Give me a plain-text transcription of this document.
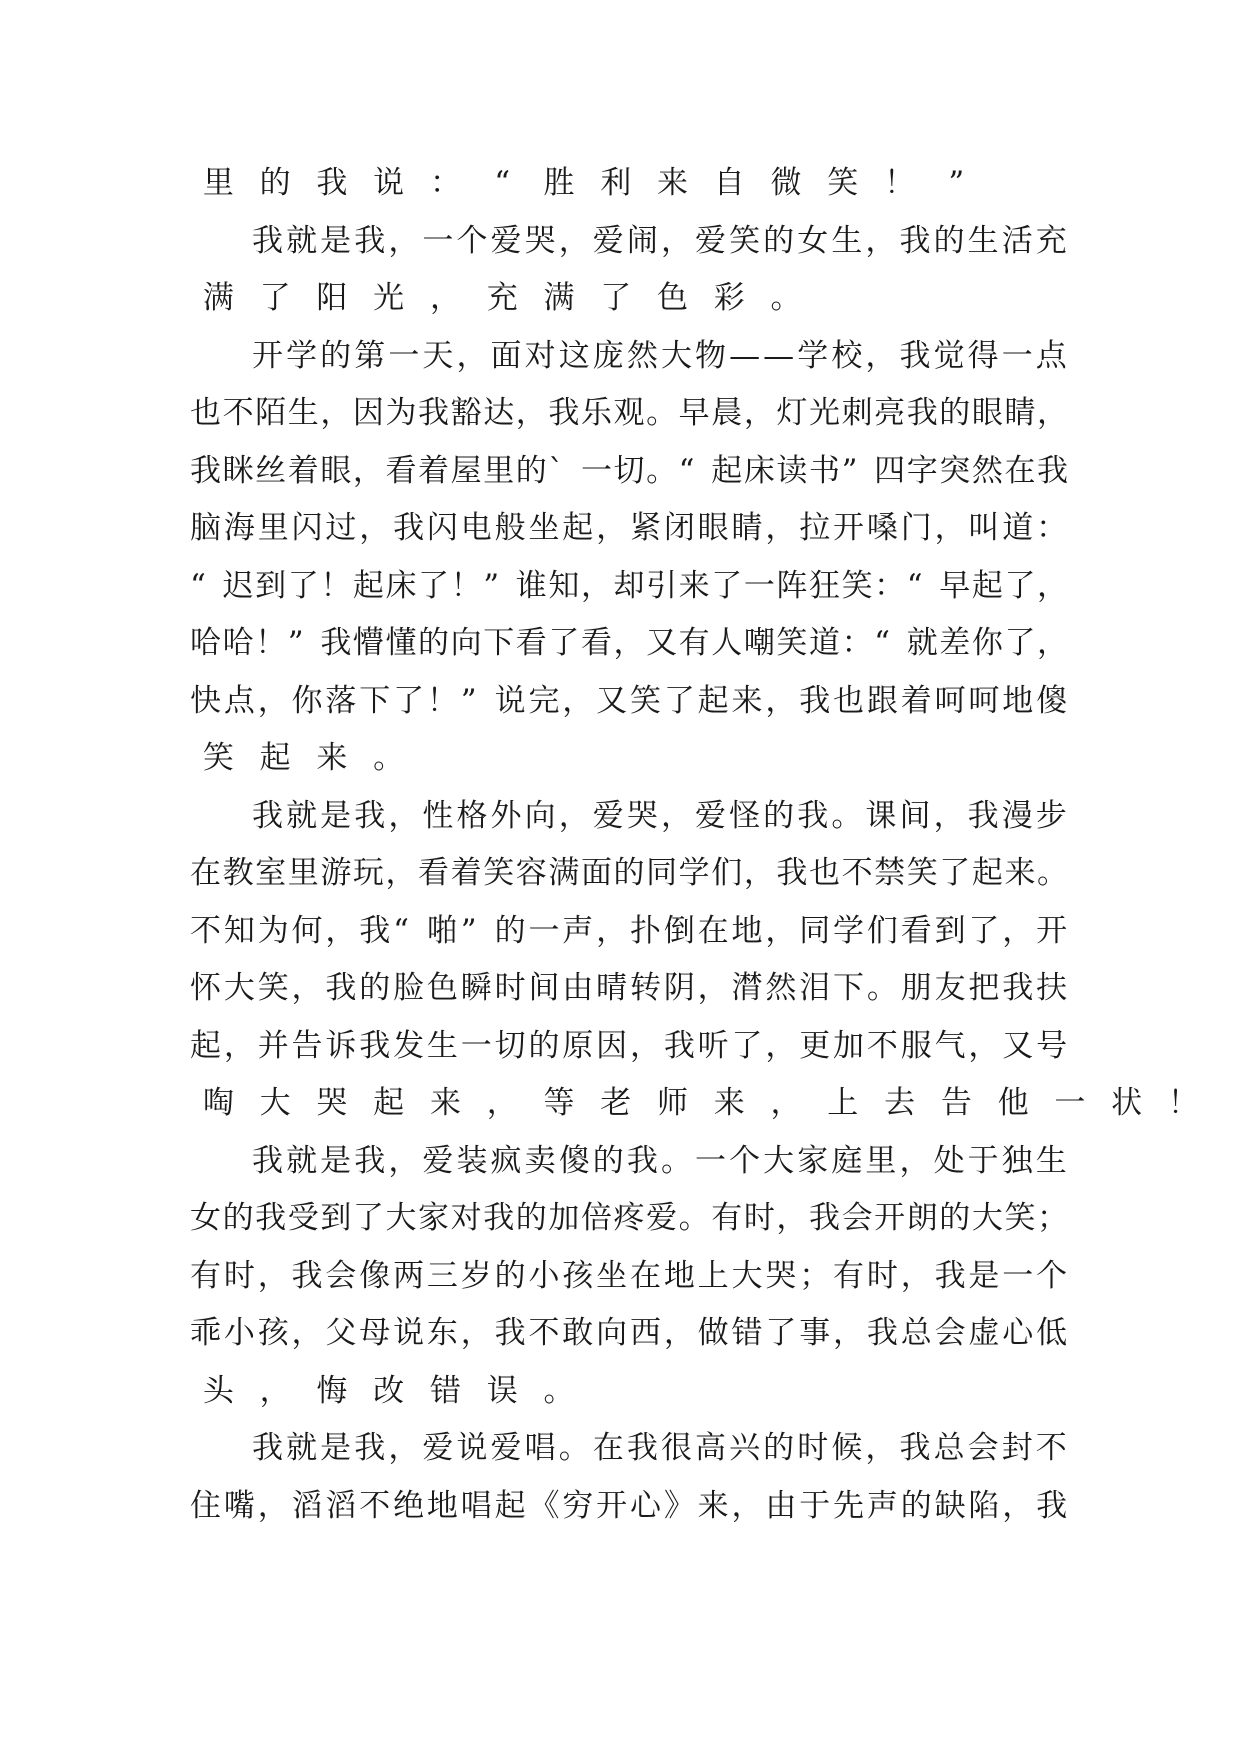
里 的 我 说 ： “ 胜 利 来 自 微 笑 ！ ”
我就是我，一个爱哭，爱闹，爱笑的女生，我的生活充
满 了 阳 光 ， 充 满 了 色 彩 。
开学的第一天，面对这庞然大物——学校，我觉得一点
也不陌生，因为我豁达，我乐观。早晨，灯光刺亮我的眼睛，
我眯丝着眼，看着屋里的` 一切。“ 起床读书” 四字突然在我
脑海里闪过，我闪电般坐起，紧闭眼睛，拉开嗓门，叫道：
“ 迟到了！起床了！” 谁知，却引来了一阵狂笑：“ 早起了，
哈哈！” 我懵懂的向下看了看，又有人嘲笑道：“ 就差你了，
快点，你落下了！” 说完，又笑了起来，我也跟着呵呵地傻
笑 起 来 。
我就是我，性格外向，爱哭，爱怪的我。课间，我漫步
在教室里游玩，看着笑容满面的同学们，我也不禁笑了起来。
不知为何，我“ 啪” 的一声，扑倒在地，同学们看到了，开
怀大笑，我的脸色瞬时间由晴转阴，潸然泪下。朋友把我扶
起，并告诉我发生一切的原因，我听了，更加不服气，又号
啕 大 哭 起 来 ， 等 老 师 来 ， 上 去 告 他 一 状 ！
我就是我，爱装疯卖傻的我。一个大家庭里，处于独生
女的我受到了大家对我的加倍疼爱。有时，我会开朗的大笑；
有时，我会像两三岁的小孩坐在地上大哭；有时，我是一个
乖小孩，父母说东，我不敢向西，做错了事，我总会虚心低
头 ， 悔 改 错 误 。
我就是我，爱说爱唱。在我很高兴的时候，我总会封不
住嘴，滔滔不绝地唱起《穷开心》来，由于先声的缺陷，我
